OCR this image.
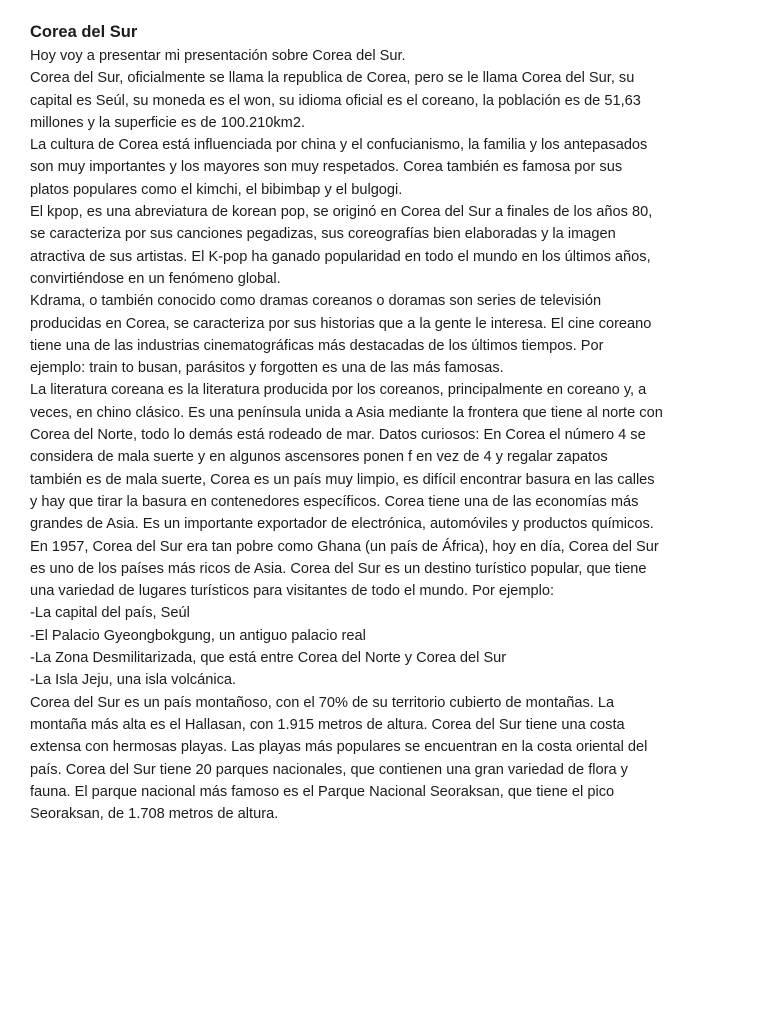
Corea del Sur
Hoy voy a presentar mi presentación sobre Corea del Sur.
Corea del Sur, oficialmente se llama la republica de Corea, pero se le llama Corea del Sur, su
capital es Seúl, su moneda es el won, su idioma oficial es el coreano, la población es de 51,63
millones y la superficie es de 100.210km2.
La cultura de Corea está influenciada por china y el confucianismo, la familia y los antepasados
son muy importantes y los mayores son muy respetados. Corea también es famosa por sus
platos populares como el kimchi, el bibimbap y el bulgogi.
El kpop, es una abreviatura de korean pop, se originó en Corea del Sur a finales de los años 80,
se caracteriza por sus canciones pegadizas, sus coreografías bien elaboradas y la imagen
atractiva de sus artistas. El K-pop ha ganado popularidad en todo el mundo en los últimos años,
convirtiéndose en un fenómeno global.
Kdrama, o también conocido como dramas coreanos o doramas son series de televisión
producidas en Corea, se caracteriza por sus historias que a la gente le interesa. El cine coreano
tiene una de las industrias cinematográficas más destacadas de los últimos tiempos. Por
ejemplo: train to busan, parásitos y forgotten es una de las más famosas.
La literatura coreana es la literatura producida por los coreanos, principalmente en coreano y, a
veces, en chino clásico. Es una península unida a Asia mediante la frontera que tiene al norte con
Corea del Norte, todo lo demás está rodeado de mar. Datos curiosos: En Corea el número 4 se
considera de mala suerte y en algunos ascensores ponen f en vez de 4 y regalar zapatos
también es de mala suerte, Corea es un país muy limpio, es difícil encontrar basura en las calles
y hay que tirar la basura en contenedores específicos. Corea tiene una de las economías más
grandes de Asia. Es un importante exportador de electrónica, automóviles y productos químicos.
En 1957, Corea del Sur era tan pobre como Ghana (un país de África), hoy en día, Corea del Sur
es uno de los países más ricos de Asia. Corea del Sur es un destino turístico popular, que tiene
una variedad de lugares turísticos para visitantes de todo el mundo. Por ejemplo:
-La capital del país, Seúl
-El Palacio Gyeongbokgung, un antiguo palacio real
-La Zona Desmilitarizada, que está entre Corea del Norte y Corea del Sur
-La Isla Jeju, una isla volcánica.
Corea del Sur es un país montañoso, con el 70% de su territorio cubierto de montañas. La
montaña más alta es el Hallasan, con 1.915 metros de altura. Corea del Sur tiene una costa
extensa con hermosas playas. Las playas más populares se encuentran en la costa oriental del
país. Corea del Sur tiene 20 parques nacionales, que contienen una gran variedad de flora y
fauna. El parque nacional más famoso es el Parque Nacional Seoraksan, que tiene el pico
Seoraksan, de 1.708 metros de altura.
